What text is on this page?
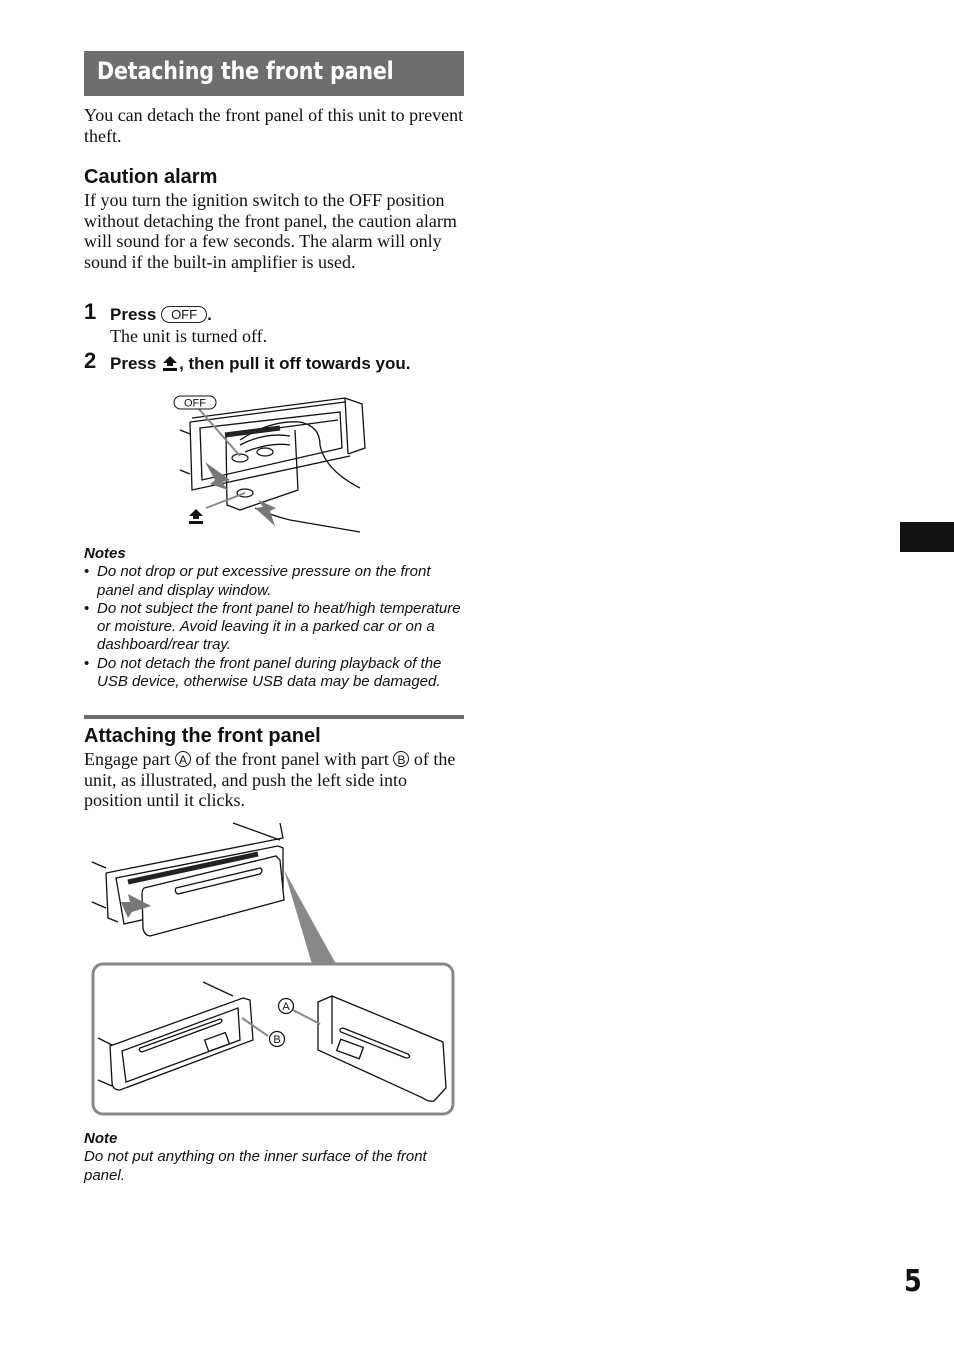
Detaching the front panel

You can detach the front panel of this unit to prevent theft.

Caution alarm

If you turn the ignition switch to the OFF position without detaching the front panel, the caution alarm will sound for a few seconds. The alarm will only sound if the built-in amplifier is used.

1 Press OFF .
The unit is turned off.
2 Press , then pull it off towards you.
OFF

Notes

• Do not drop or put excessive pressure on the front panel and display window.
• Do not subject the front panel to heat/high temperature or moisture. Avoid leaving it in a parked car or on a dashboard/rear tray.
• Do not detach the front panel during playback of the USB device, otherwise USB data may be damaged.

Attaching the front panel

Engage part A of the front panel with part B of the unit, as illustrated, and push the left side into position until it clicks.

A
B

Note

Do not put anything on the inner surface of the front panel.

5
